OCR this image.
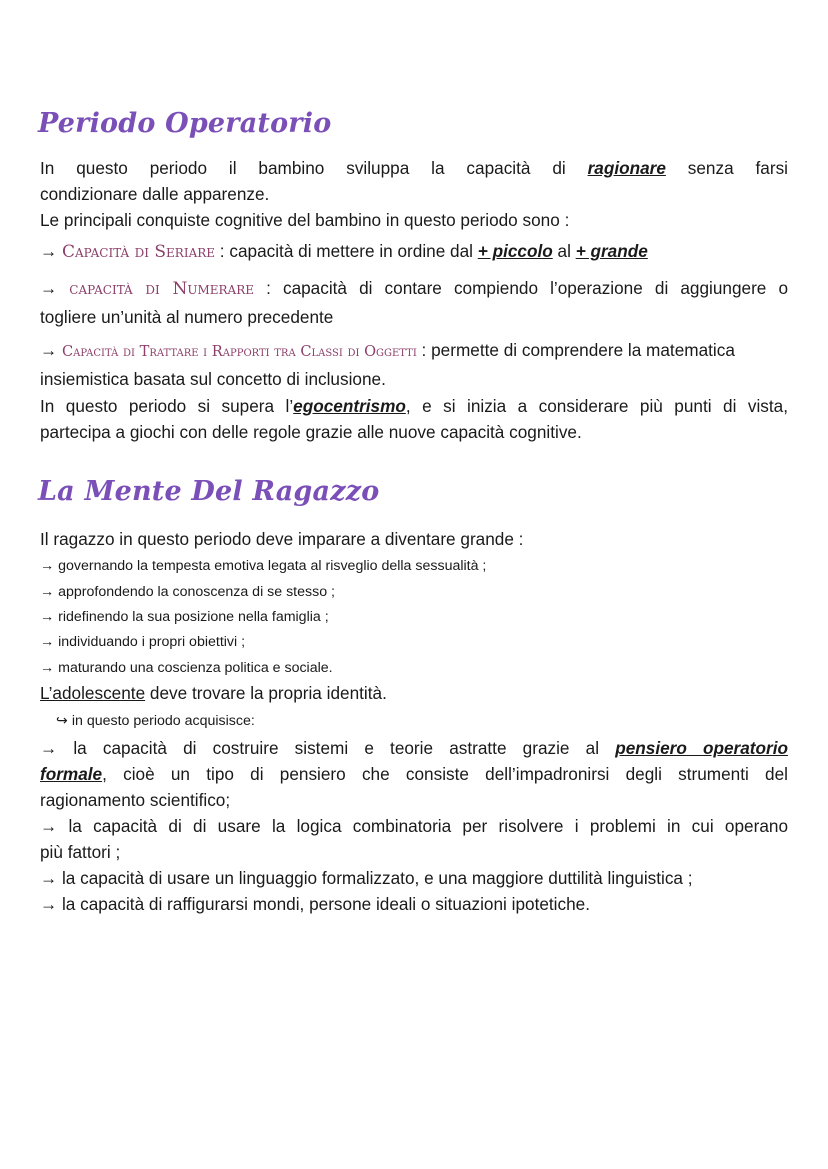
Periodo Operatorio
In questo periodo il bambino sviluppa la capacità di ragionare senza farsi
condizionare dalle apparenze.
Le principali conquiste cognitive del bambino in questo periodo sono :
→ Capacità di Seriare : capacità di mettere in ordine dal + piccolo al + grande
→ capacità di Numerare : capacità di contare compiendo l’operazione di aggiungere o
togliere un’unità al numero precedente
→ Capacità di Trattare i Rapporti tra Classi di Oggetti : permette di comprendere la matematica
insiemistica basata sul concetto di inclusione.
In questo periodo si supera l’egocentrismo, e si inizia a considerare più punti di vista,
partecipa a giochi con delle regole grazie alle nuove capacità cognitive.
La Mente Del Ragazzo
Il ragazzo in questo periodo deve imparare a diventare grande :
→ governando la tempesta emotiva legata al risveglio della sessualità ;
→ approfondendo la conoscenza di se stesso ;
→ ridefinendo la sua posizione nella famiglia ;
→ individuando i propri obiettivi ;
→ maturando una coscienza politica e sociale.
L’adolescente deve trovare la propria identità.
↪ in questo periodo acquisisce:
→ la capacità di costruire sistemi e teorie astratte grazie al pensiero operatorio
formale, cioè un tipo di pensiero che consiste dell’impadronirsi degli strumenti del
ragionamento scientifico;
→ la capacità di di usare la logica combinatoria per risolvere i problemi in cui operano
più fattori ;
→ la capacità di usare un linguaggio formalizzato, e una maggiore duttilità linguistica ;
→ la capacità di raffigurarsi mondi, persone ideali o situazioni ipotetiche.
